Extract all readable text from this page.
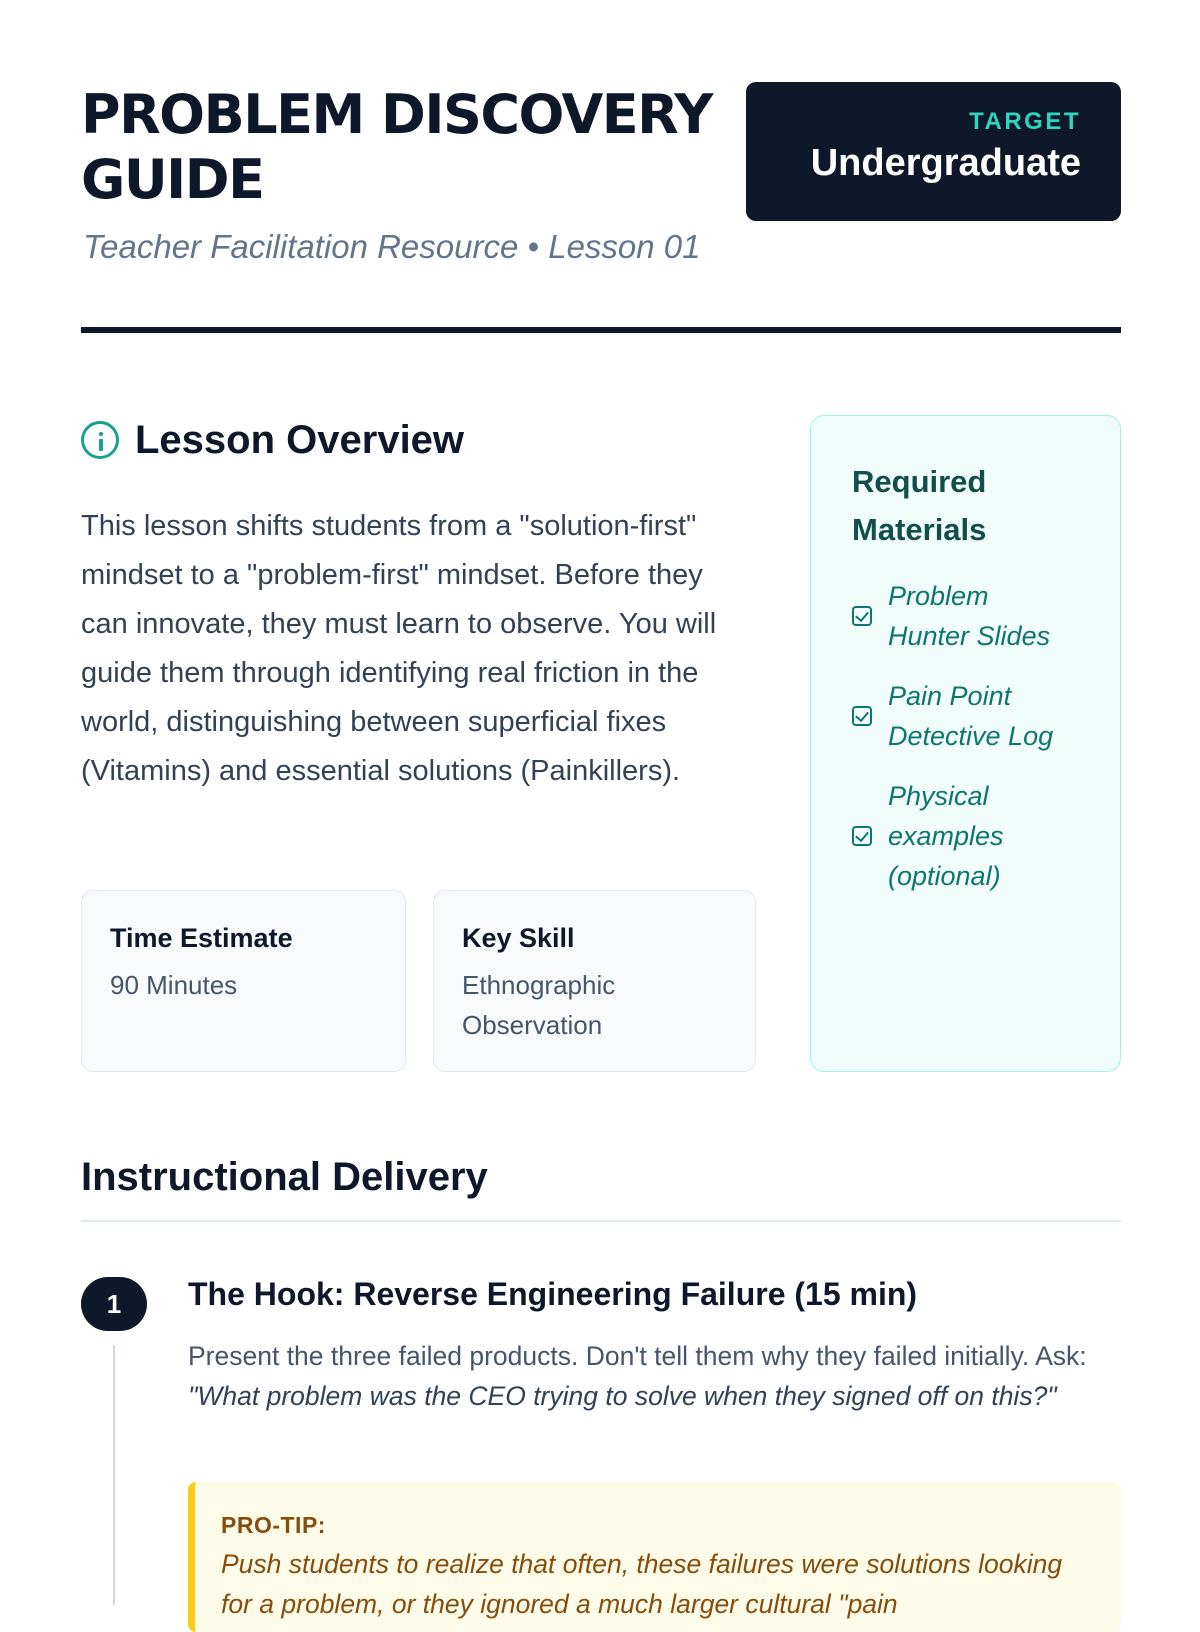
PROBLEM DISCOVERY GUIDE
Teacher Facilitation Resource • Lesson 01
TARGET
Undergraduate
Lesson Overview

This lesson shifts students from a "solution-first" mindset to a "problem-first" mindset. Before they can innovate, they must learn to observe. You will guide them through identifying real friction in the world, distinguishing between superficial fixes (Vitamins) and essential solutions (Painkillers).

Time Estimate
90 Minutes
Key Skill
Ethnographic Observation
Required Materials
Problem Hunter Slides
Pain Point Detective Log
Physical examples (optional)
Instructional Delivery
1	The Hook: Reverse Engineering Failure (15 min)

Present the three failed products. Don't tell them why they failed initially. Ask: "What problem was the CEO trying to solve when they signed off on this?"

PRO-TIP:
Push students to realize that often, these failures were solutions looking for a problem, or they ignored a much larger cultural "pain
